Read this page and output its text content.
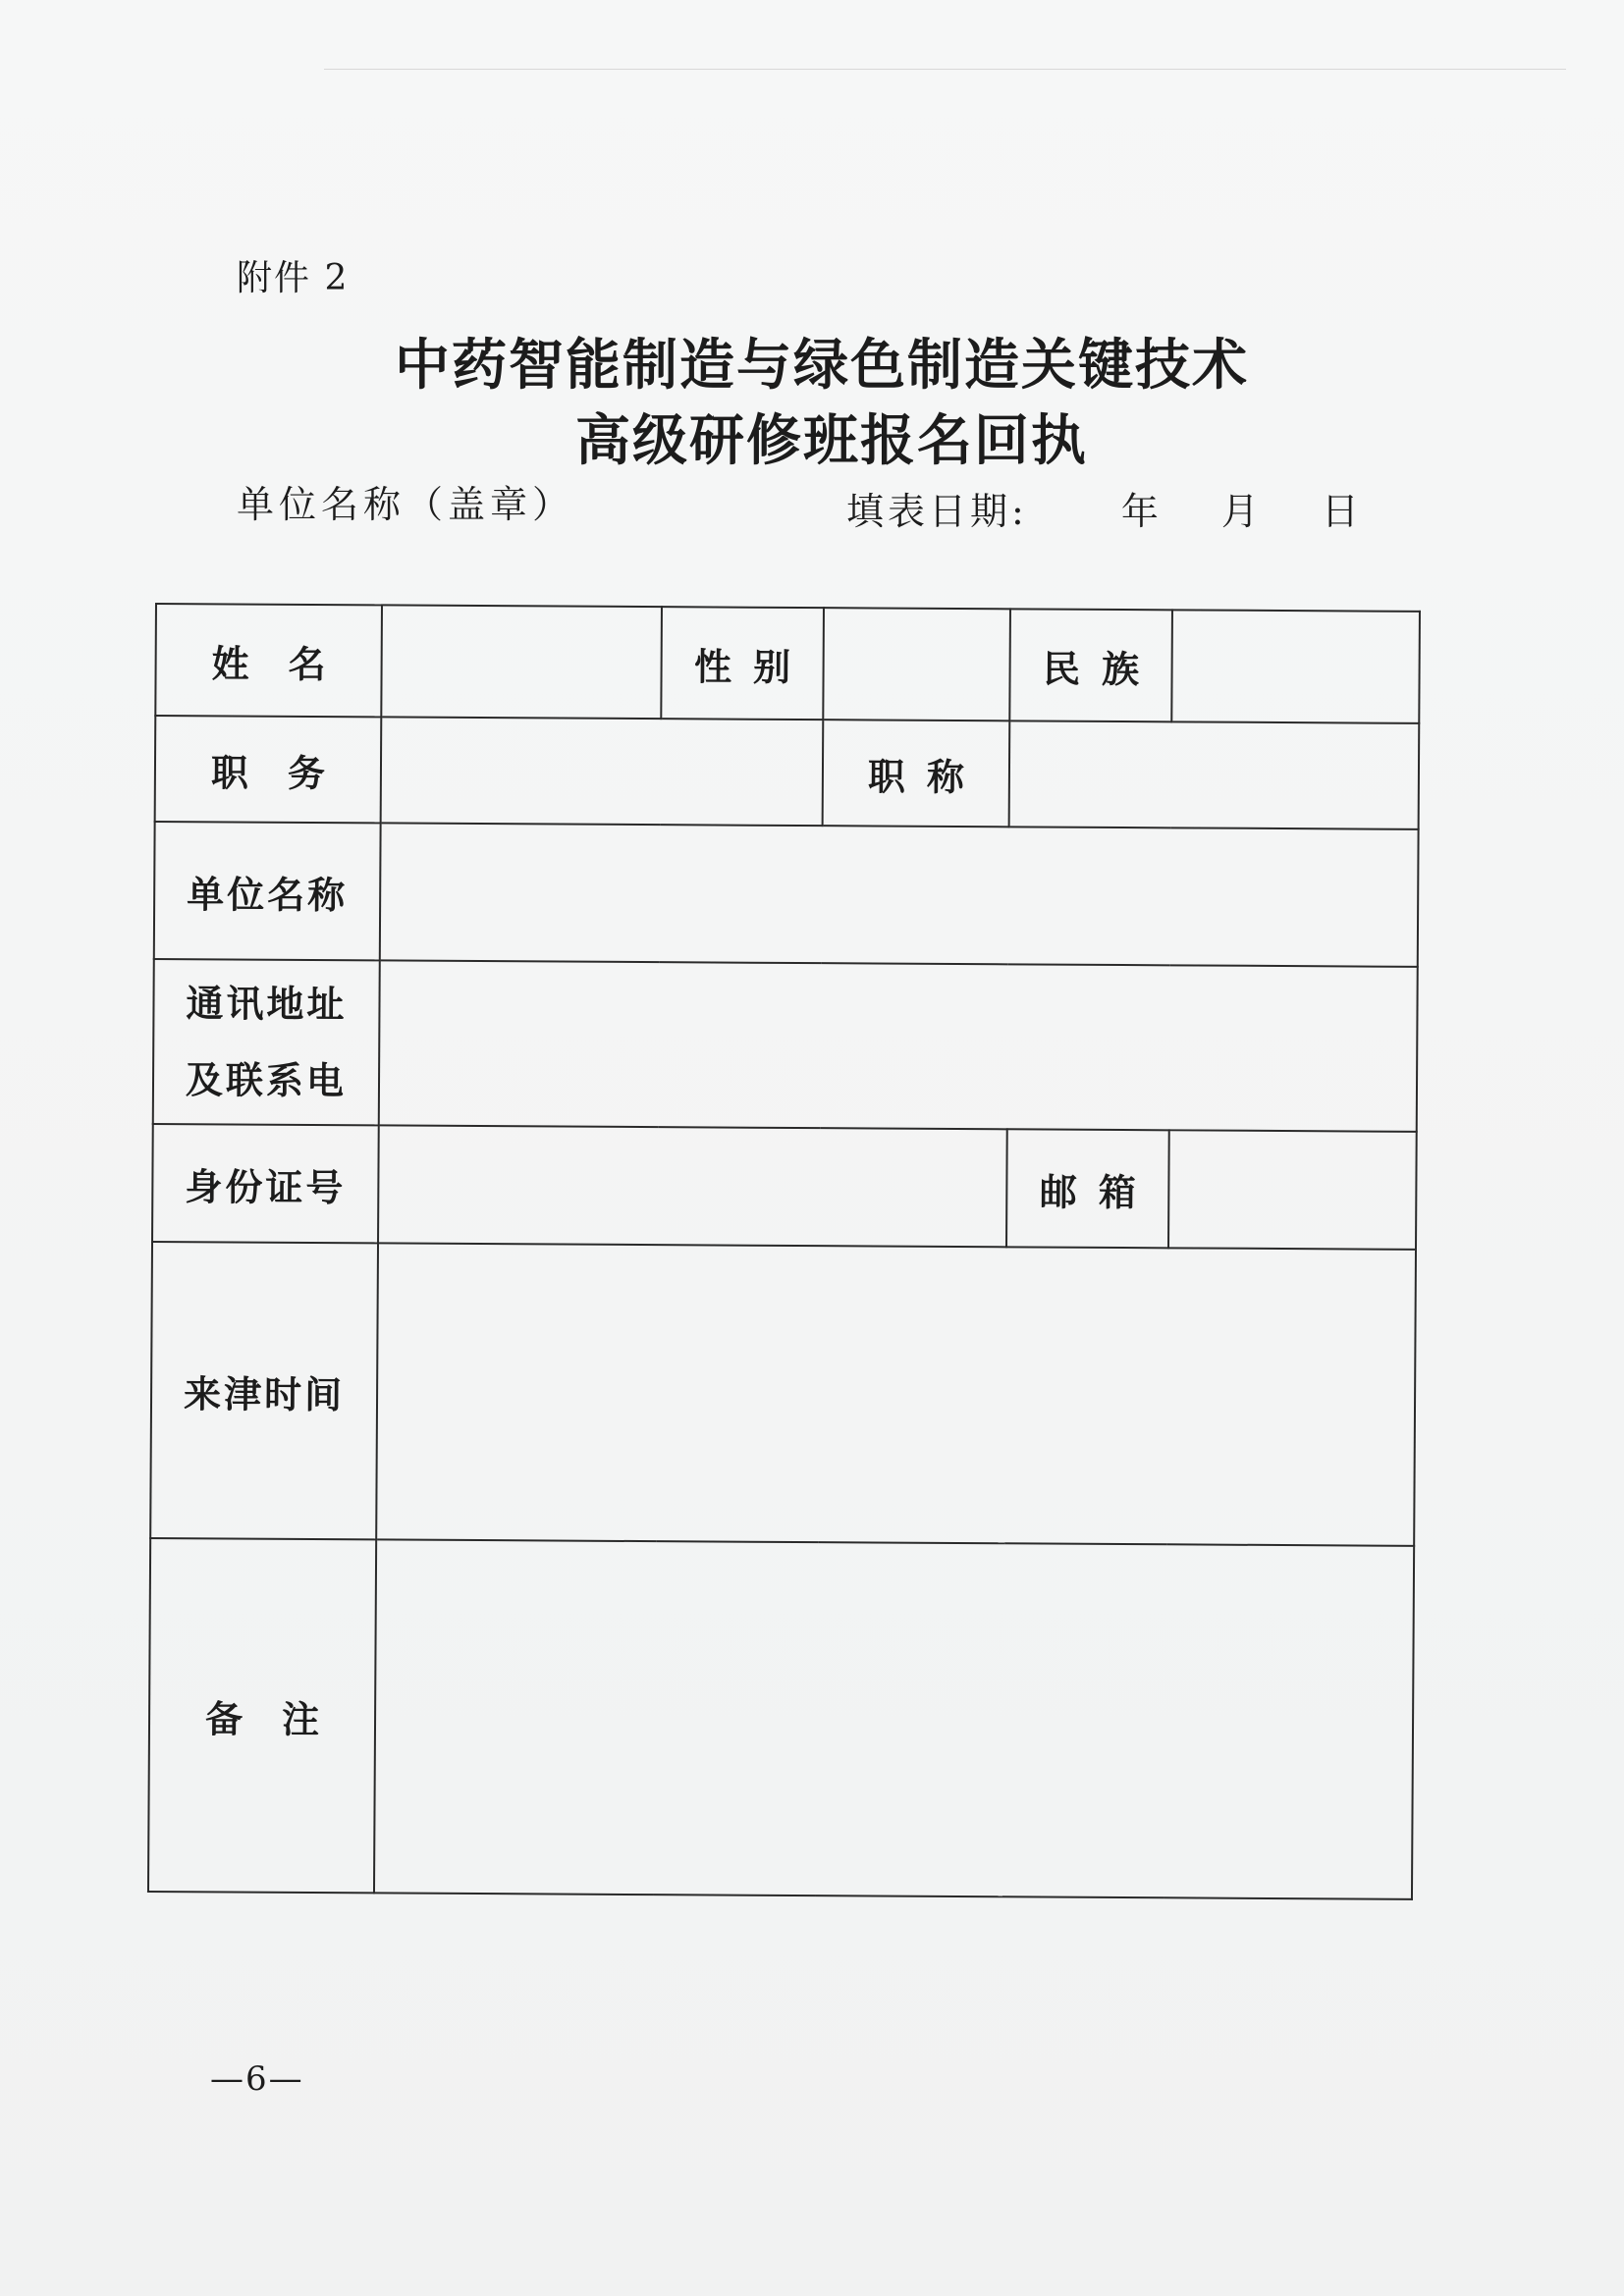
附件 2
中药智能制造与绿色制造关键技术
高级研修班报名回执
单位名称（盖章）	填表日期:	年 月 日
姓名		性别		民族	
职务			职称		
单位名称					

通讯地址
及联系电					

身份证号				邮箱	
来津时间					
备注					
—6—
